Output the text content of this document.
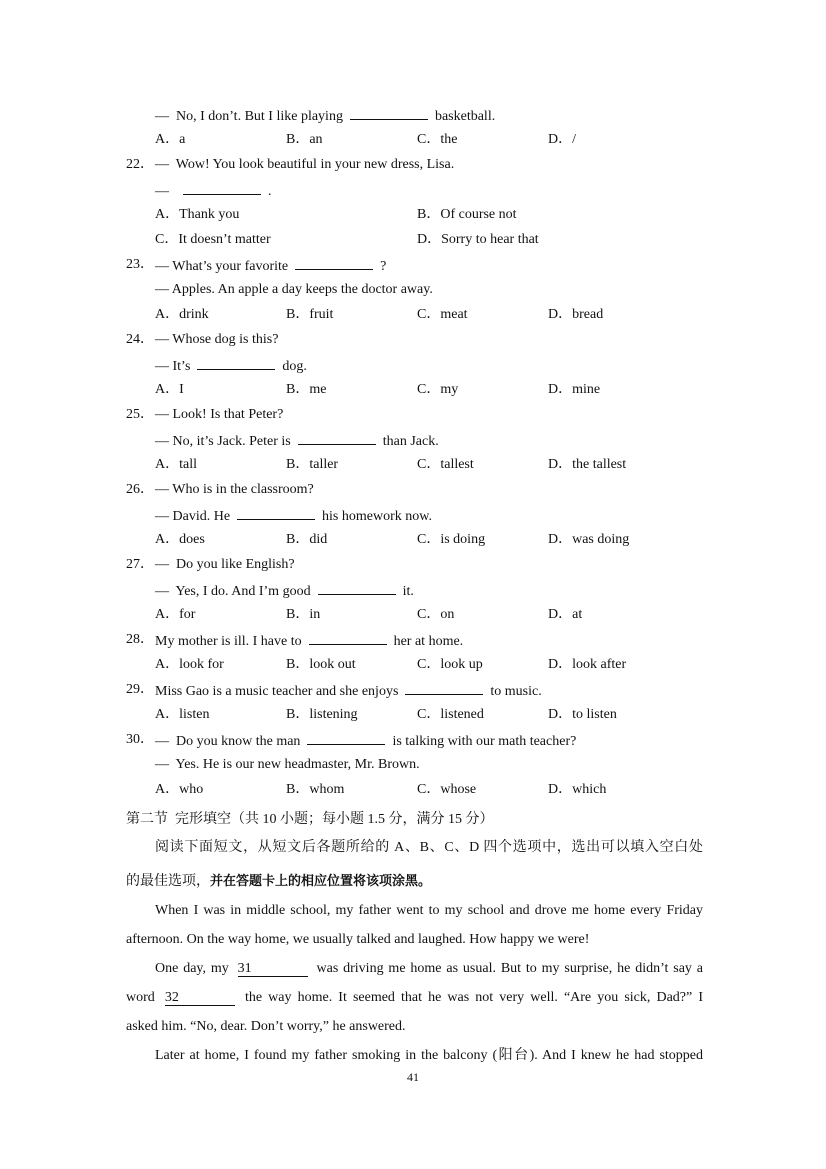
—  No, I don’t. But I like playing	basketball.
A．a	B．an	C．the	D．/
22． —  Wow! You look beautiful in your new dress, Lisa.
—	.
A．Thank you	B．Of course not
C．It doesn’t matter	D．Sorry to hear that
23． — What’s your favorite	?
— Apples. An apple a day keeps the doctor away.
A．drink	B．fruit	C．meat	D．bread
24． — Whose dog is this?
— It’s	dog.
A．I	B．me	C．my	D．mine
25． — Look! Is that Peter?
— No, it’s Jack. Peter is	than Jack.
A．tall	B．taller	C．tallest	D．the tallest
26． — Who is in the classroom?
— David. He	his homework now.
A．does	B．did	C．is doing	D．was doing
27． —  Do you like English?
—  Yes, I do. And I’m good	it.
A．for	B．in	C．on	D．at
28． My mother is ill. I have to	her at home.
A．look for	B．look out	C．look up	D．look after
29． Miss Gao is a music teacher and she enjoys	to music.
A．listen	B．listening	C．listened	D．to listen
30． —  Do you know the man	is talking with our math teacher?
—  Yes. He is our new headmaster, Mr. Brown.
A．who	B．whom	C．whose	D．which
第二节  完形填空（共 10 小题；每小题 1.5 分，满分 15 分）
阅读下面短文，从短文后各题所给的 A、B、C、D 四个选项中，选出可以填入空白处
的最佳选项，并在答题卡上的相应位置将该项涂黑。
When I was in middle school, my father went to my school and drove me home every Friday
afternoon. On the way home, we usually talked and laughed. How happy we were!
One day, my 31	was driving me home as usual. But to my surprise, he didn’t say a
word 32	the way home. It seemed that he was not very well. “Are you sick, Dad?” I
asked him. “No, dear. Don’t worry,” he answered.
Later at home, I found my father smoking in the balcony (阳台). And I knew he had stopped
41
